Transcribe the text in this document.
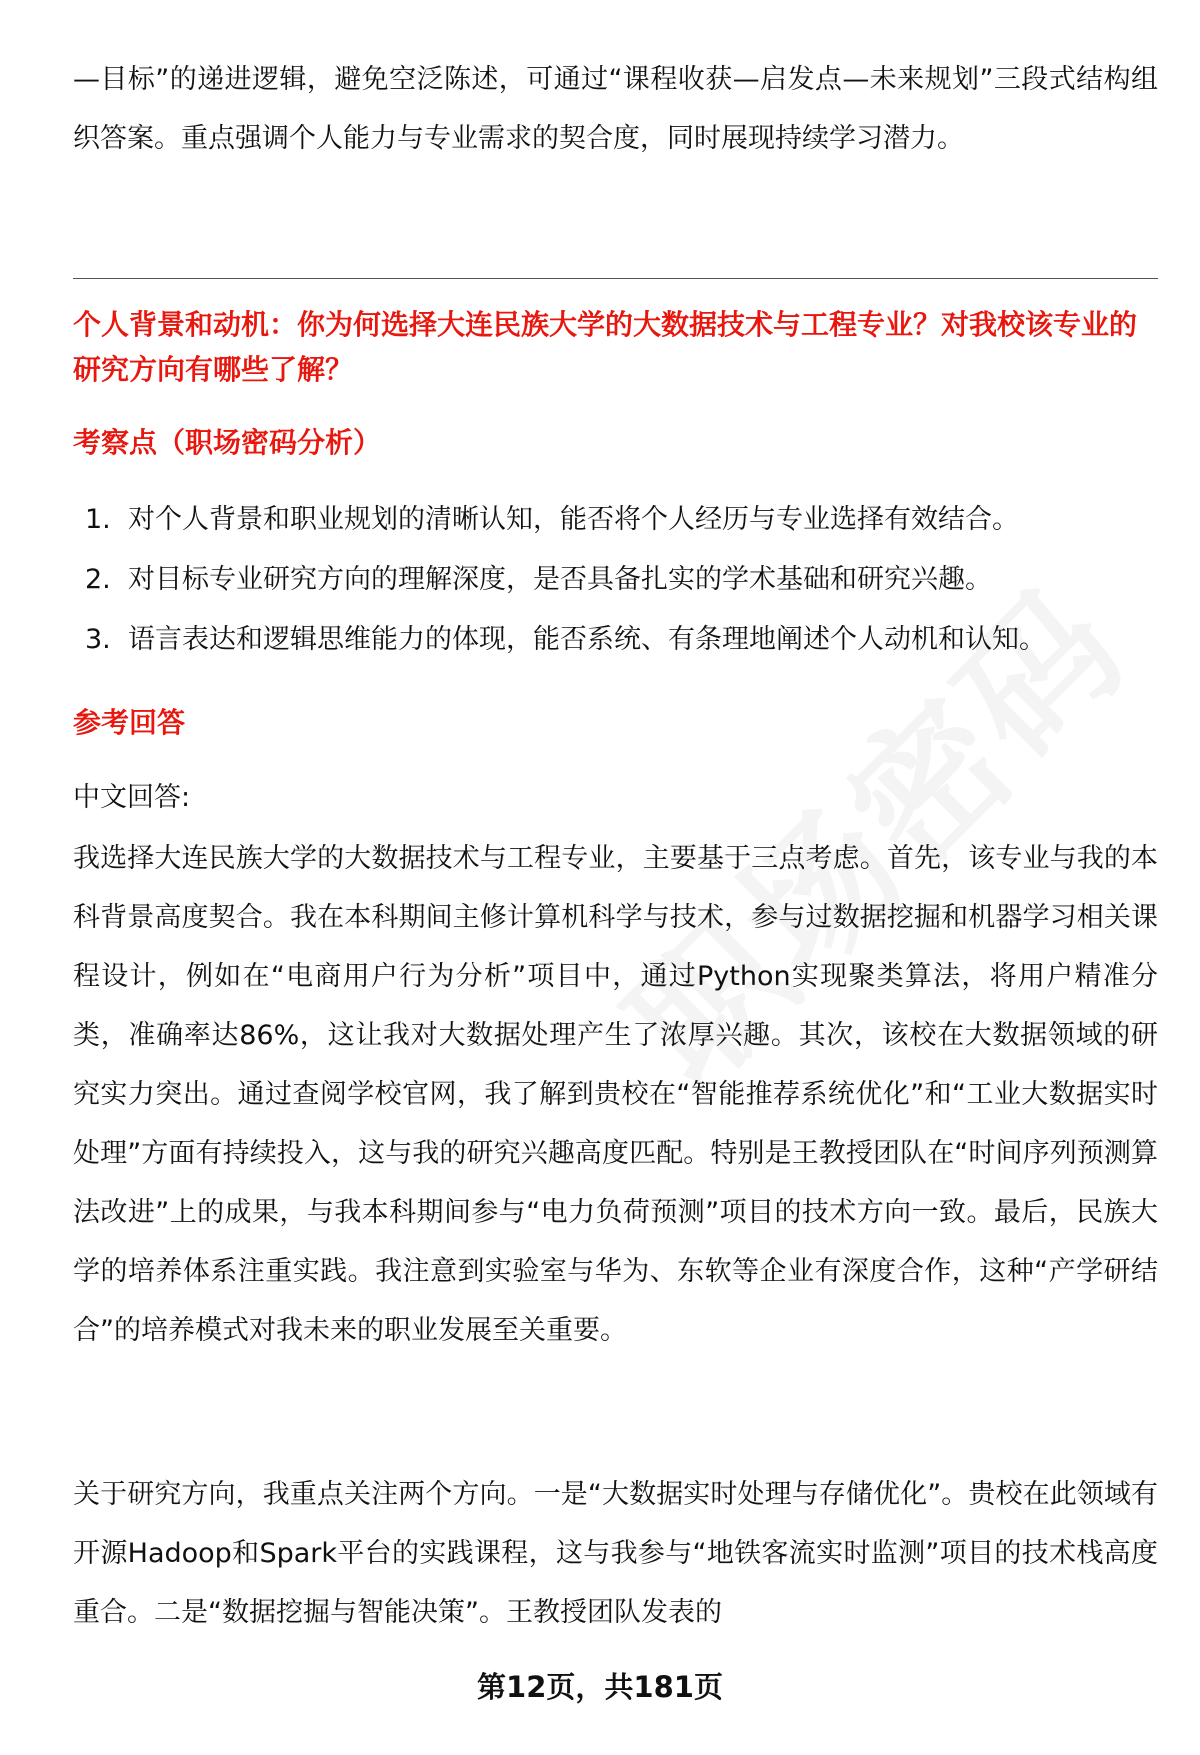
—目标”的递进逻辑，避免空泛陈述，可通过“课程收获—启发点—未来规划”三段式结构组织答案。重点强调个人能力与专业需求的契合度，同时展现持续学习潜力。

个人背景和动机：你为何选择大连民族大学的大数据技术与工程专业？对我校该专业的研究方向有哪些了解？
考察点（职场密码分析）
1. 对个人背景和职业规划的清晰认知，能否将个人经历与专业选择有效结合。
2. 对目标专业研究方向的理解深度，是否具备扎实的学术基础和研究兴趣。
3. 语言表达和逻辑思维能力的体现，能否系统、有条理地阐述个人动机和认知。
参考回答

中文回答:

我选择大连民族大学的大数据技术与工程专业，主要基于三点考虑。首先，该专业与我的本科背景高度契合。我在本科期间主修计算机科学与技术，参与过数据挖掘和机器学习相关课程设计，例如在“电商用户行为分析”项目中，通过Python实现聚类算法，将用户精准分类，准确率达86%，这让我对大数据处理产生了浓厚兴趣。其次，该校在大数据领域的研究实力突出。通过查阅学校官网，我了解到贵校在“智能推荐系统优化”和“工业大数据实时处理”方面有持续投入，这与我的研究兴趣高度匹配。特别是王教授团队在“时间序列预测算法改进”上的成果，与我本科期间参与“电力负荷预测”项目的技术方向一致。最后，民族大学的培养体系注重实践。我注意到实验室与华为、东软等企业有深度合作，这种“产学研结合”的培养模式对我未来的职业发展至关重要。

关于研究方向，我重点关注两个方向。一是“大数据实时处理与存储优化”。贵校在此领域有开源Hadoop和Spark平台的实践课程，这与我参与“地铁客流实时监测”项目的技术栈高度重合。二是“数据挖掘与智能决策”。王教授团队发表的

第12页，共181页
